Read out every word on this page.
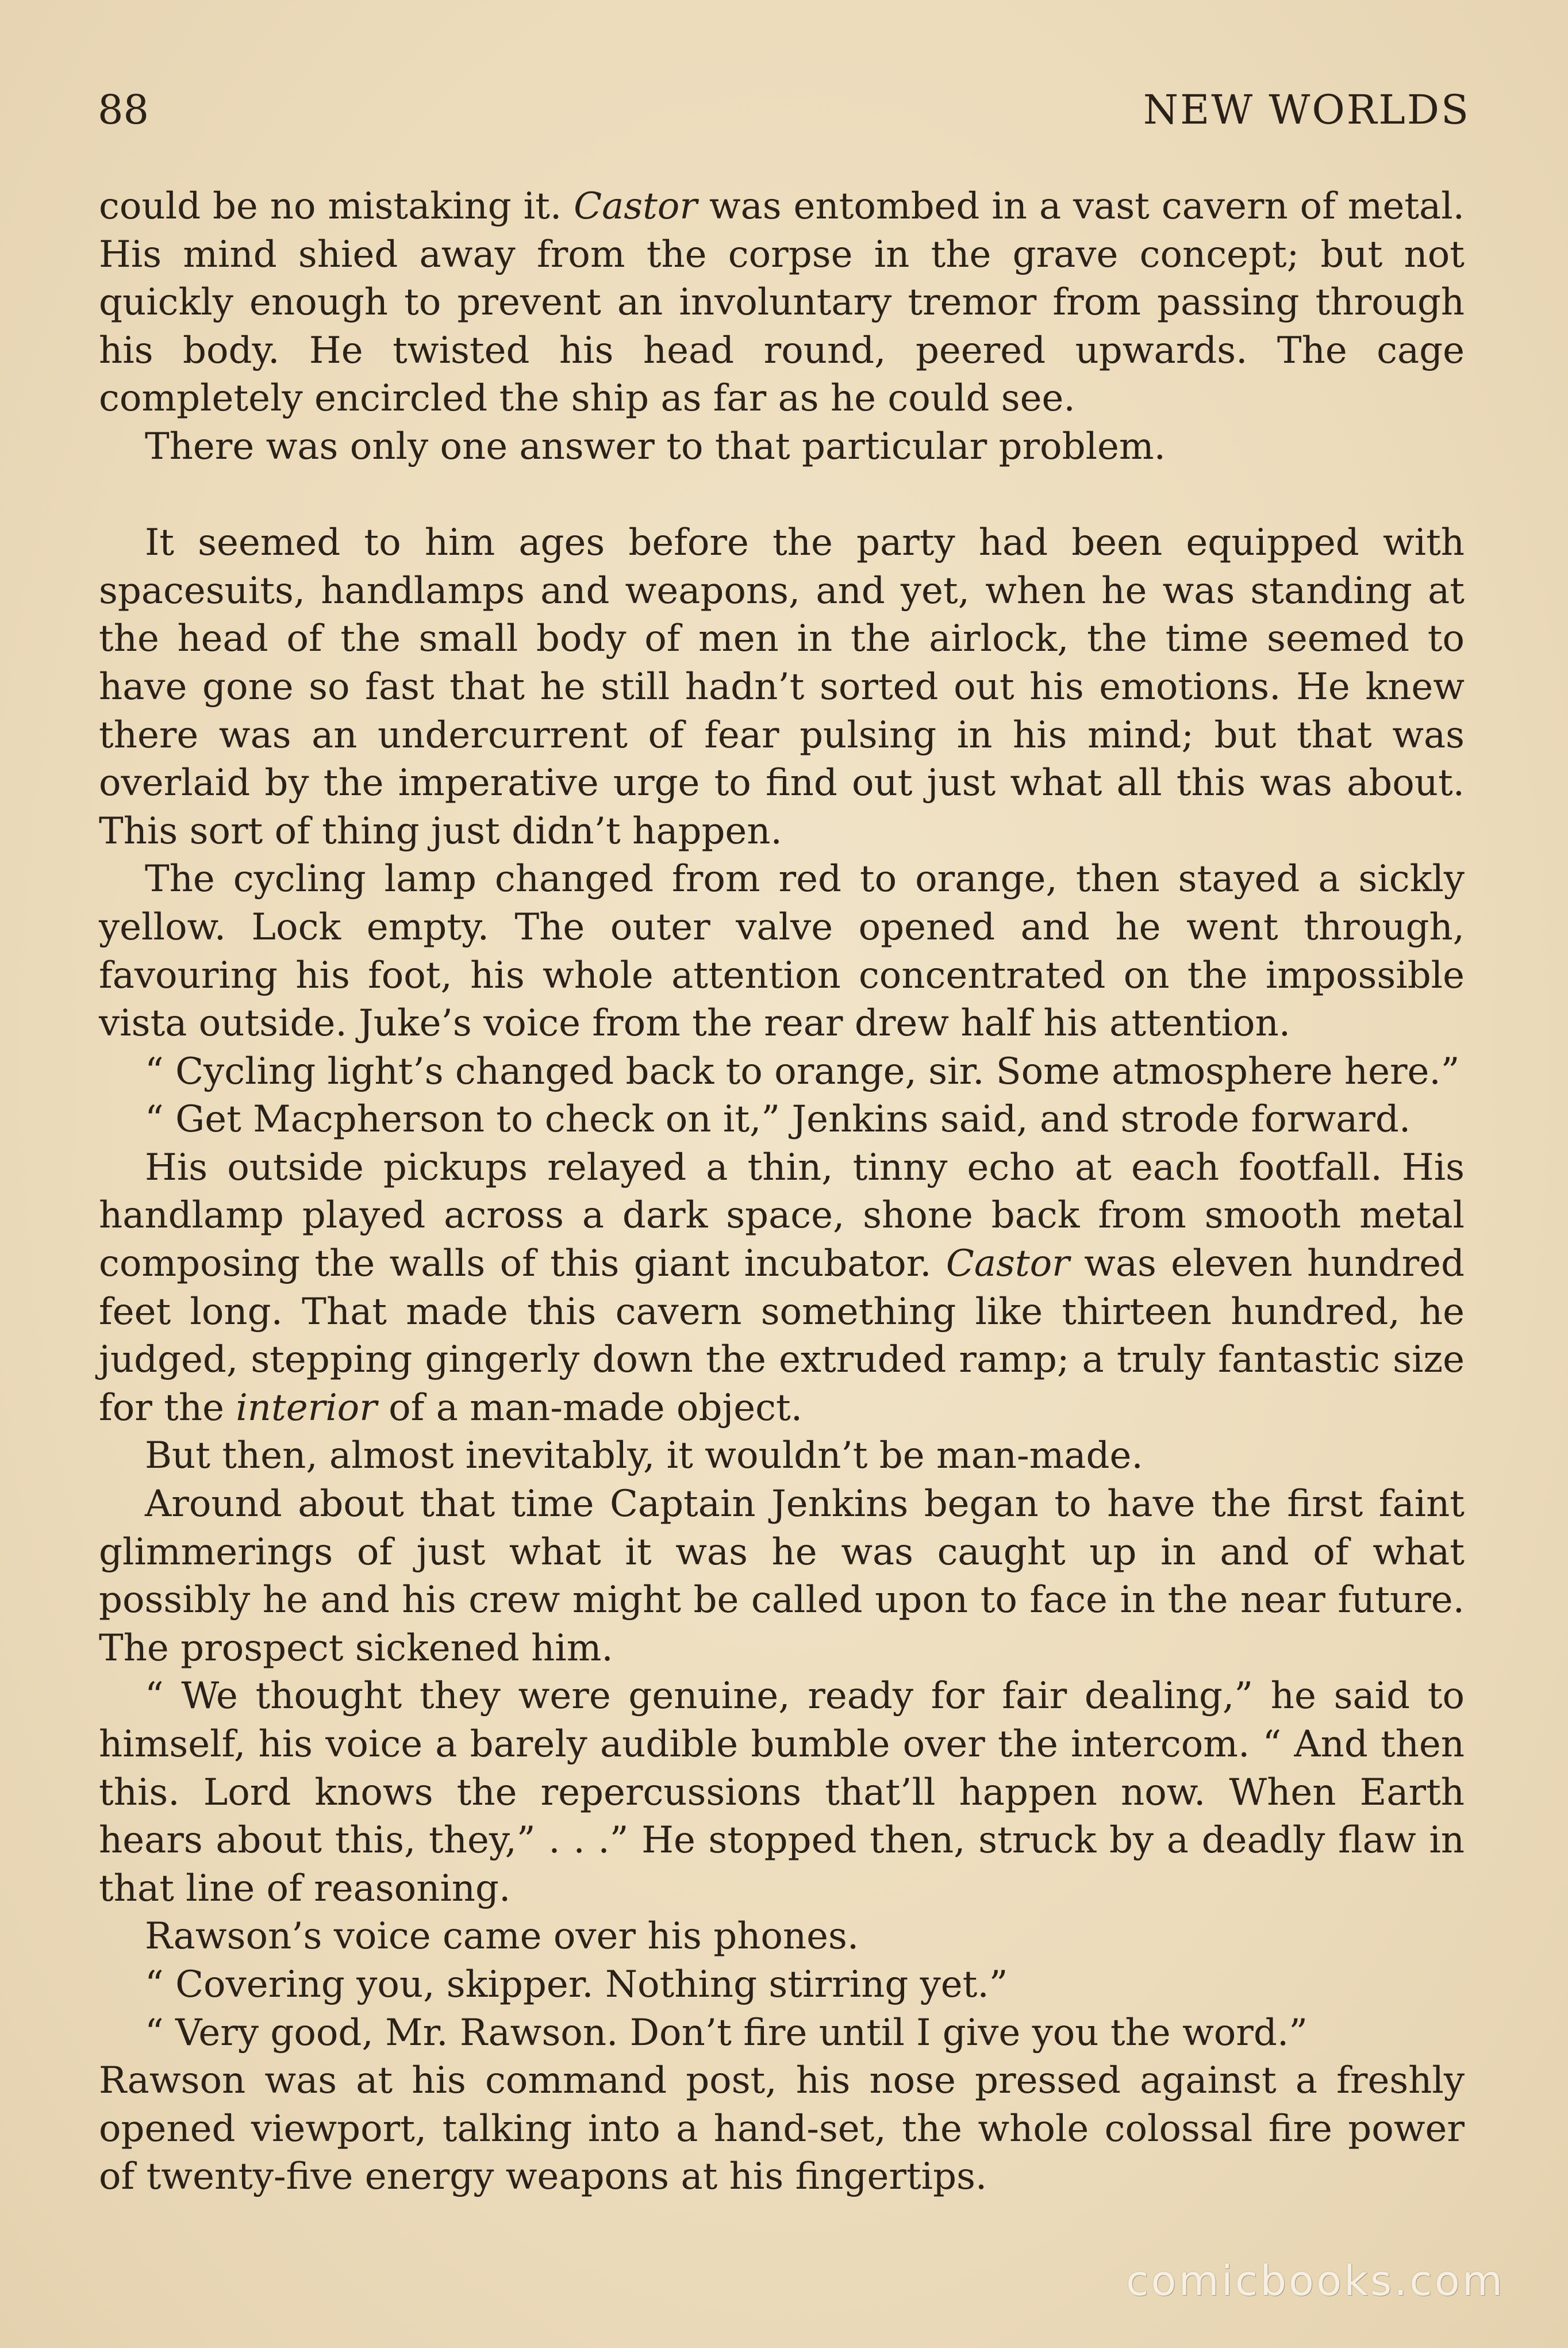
88	NEW WORLDS

could be no mistaking it. Castor was entombed in a vast cavern of metal. His mind shied away from the corpse in the grave concept; but not quickly enough to prevent an involuntary tremor from passing through his body. He twisted his head round, peered upwards. The cage completely encircled the ship as far as he could see.

There was only one answer to that particular problem.

It seemed to him ages before the party had been equipped with spacesuits, handlamps and weapons, and yet, when he was standing at the head of the small body of men in the airlock, the time seemed to have gone so fast that he still hadn’t sorted out his emotions. He knew there was an undercurrent of fear pulsing in his mind; but that was overlaid by the imperative urge to find out just what all this was about. This sort of thing just didn’t happen.

The cycling lamp changed from red to orange, then stayed a sickly yellow. Lock empty. The outer valve opened and he went through, favouring his foot, his whole attention concentrated on the impossible vista outside. Juke’s voice from the rear drew half his attention.

“ Cycling light’s changed back to orange, sir. Some atmosphere here.”

“ Get Macpherson to check on it,” Jenkins said, and strode forward.

His outside pickups relayed a thin, tinny echo at each footfall. His handlamp played across a dark space, shone back from smooth metal composing the walls of this giant incubator. Castor was eleven hundred feet long. That made this cavern something like thirteen hundred, he judged, stepping gingerly down the extruded ramp; a truly fantastic size for the interior of a man-made object.

But then, almost inevitably, it wouldn’t be man-made.

Around about that time Captain Jenkins began to have the first faint glimmerings of just what it was he was caught up in and of what possibly he and his crew might be called upon to face in the near future. The prospect sickened him.

“ We thought they were genuine, ready for fair dealing,” he said to himself, his voice a barely audible bumble over the intercom. “ And then this. Lord knows the repercussions that’ll happen now. When Earth hears about this, they,” . . .” He stopped then, struck by a deadly flaw in that line of reasoning.

Rawson’s voice came over his phones.

“ Covering you, skipper. Nothing stirring yet.”

“ Very good, Mr. Rawson. Don’t fire until I give you the word.”

Rawson was at his command post, his nose pressed against a freshly opened viewport, talking into a hand-set, the whole colossal fire power of twenty-five energy weapons at his fingertips.

comicbooks.com
